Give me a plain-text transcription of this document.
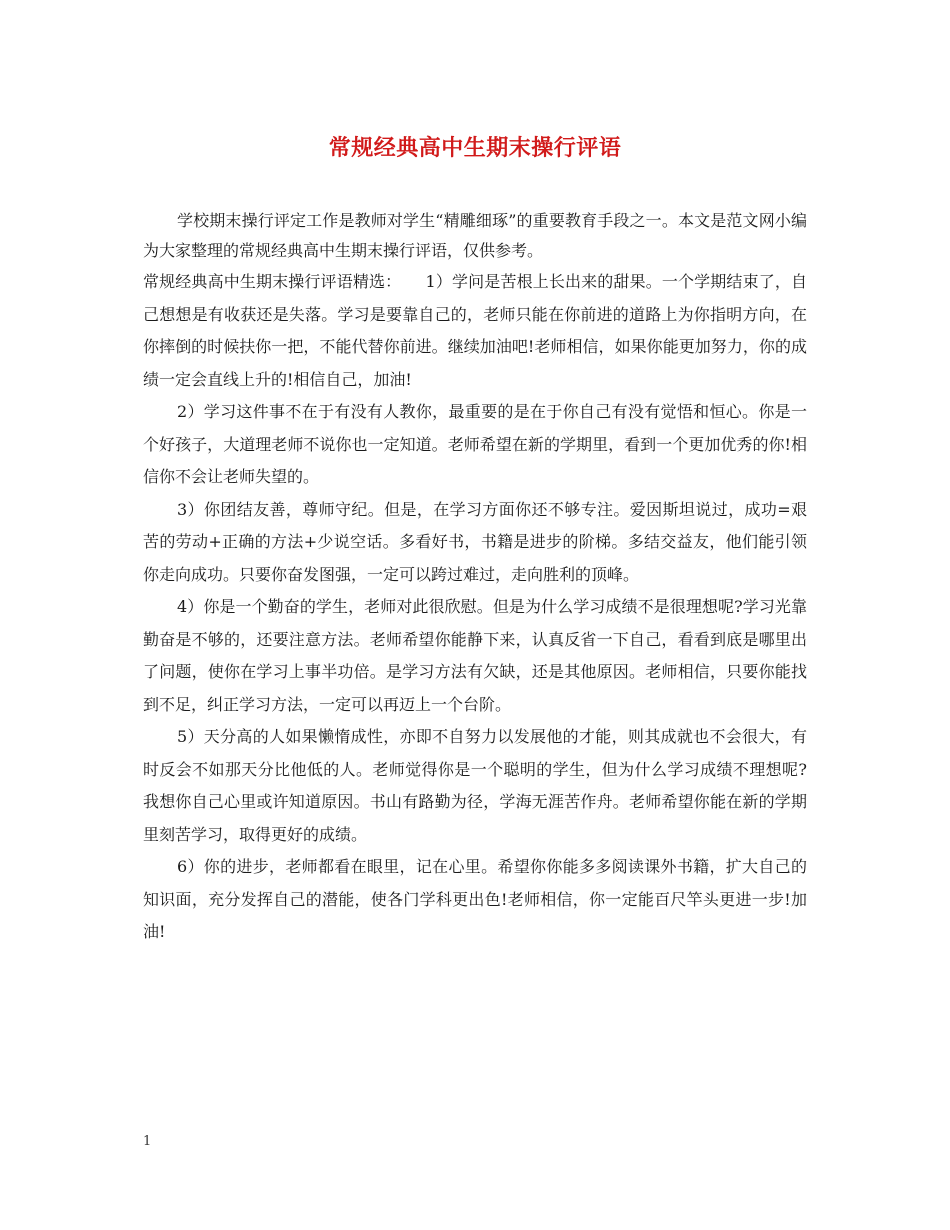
常规经典高中生期末操行评语

学校期末操行评定工作是教师对学生“精雕细琢”的重要教育手段之一。本文是范文网小编为大家整理的常规经典高中生期末操行评语，仅供参考。

常规经典高中生期末操行评语精选：　　1）学问是苦根上长出来的甜果。一个学期结束了，自己想想是有收获还是失落。学习是要靠自己的，老师只能在你前进的道路上为你指明方向，在你摔倒的时候扶你一把，不能代替你前进。继续加油吧!老师相信，如果你能更加努力，你的成绩一定会直线上升的!相信自己，加油!

2）学习这件事不在于有没有人教你，最重要的是在于你自己有没有觉悟和恒心。你是一个好孩子，大道理老师不说你也一定知道。老师希望在新的学期里，看到一个更加优秀的你!相信你不会让老师失望的。

3）你团结友善，尊师守纪。但是，在学习方面你还不够专注。爱因斯坦说过，成功=艰苦的劳动+正确的方法+少说空话。多看好书，书籍是进步的阶梯。多结交益友，他们能引领你走向成功。只要你奋发图强，一定可以跨过难过，走向胜利的顶峰。

4）你是一个勤奋的学生，老师对此很欣慰。但是为什么学习成绩不是很理想呢?学习光靠勤奋是不够的，还要注意方法。老师希望你能静下来，认真反省一下自己，看看到底是哪里出了问题，使你在学习上事半功倍。是学习方法有欠缺，还是其他原因。老师相信，只要你能找到不足，纠正学习方法，一定可以再迈上一个台阶。

5）天分高的人如果懒惰成性，亦即不自努力以发展他的才能，则其成就也不会很大，有时反会不如那天分比他低的人。老师觉得你是一个聪明的学生，但为什么学习成绩不理想呢?我想你自己心里或许知道原因。书山有路勤为径，学海无涯苦作舟。老师希望你能在新的学期里刻苦学习，取得更好的成绩。

6）你的进步，老师都看在眼里，记在心里。希望你你能多多阅读课外书籍，扩大自己的知识面，充分发挥自己的潜能，使各门学科更出色!老师相信，你一定能百尺竿头更进一步!加油!

1
